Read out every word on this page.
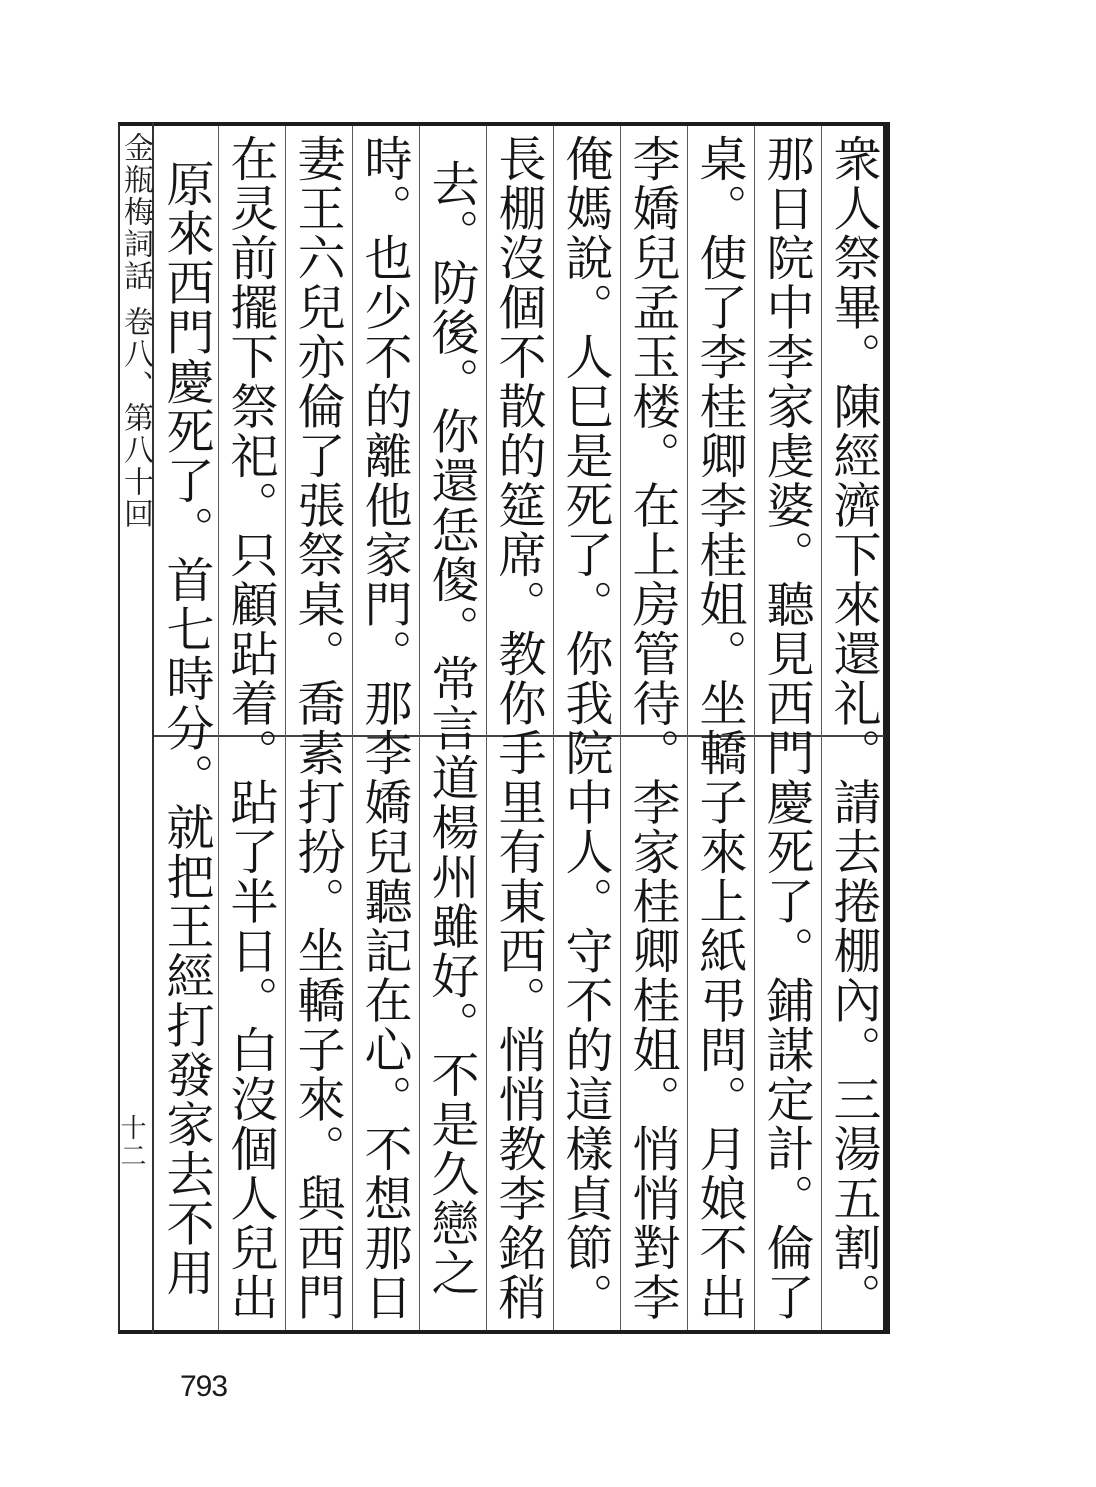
金瓶梅詞話卷八、第八十回
十二
衆人祭畢。陳經濟下來還礼。請去捲棚內。三湯五割。
那日院中李家虔婆。聽見西門慶死了。鋪謀定計。倫了
桌。使了李桂卿李桂姐。坐轎子來上紙弔問。月娘不出
李嬌兒孟玉楼。在上房管待。李家桂卿桂姐。悄悄對李
俺媽說。人巳是死了。你我院中人。守不的這樣貞節。
長棚沒個不散的筵席。教你手里有東西。悄悄教李銘稍
去。防後。你還恁傻。常言道楊州雖好。不是久戀之
時。也少不的離他家門。那李嬌兒聽記在心。不想那日
妻王六兒亦倫了張祭桌。喬素打扮。坐轎子來。與西門
在灵前擺下祭祀。只顧跕着。跕了半日。白沒個人兒出
原來西門慶死了。首七時分。就把王經打發家去不用
793
